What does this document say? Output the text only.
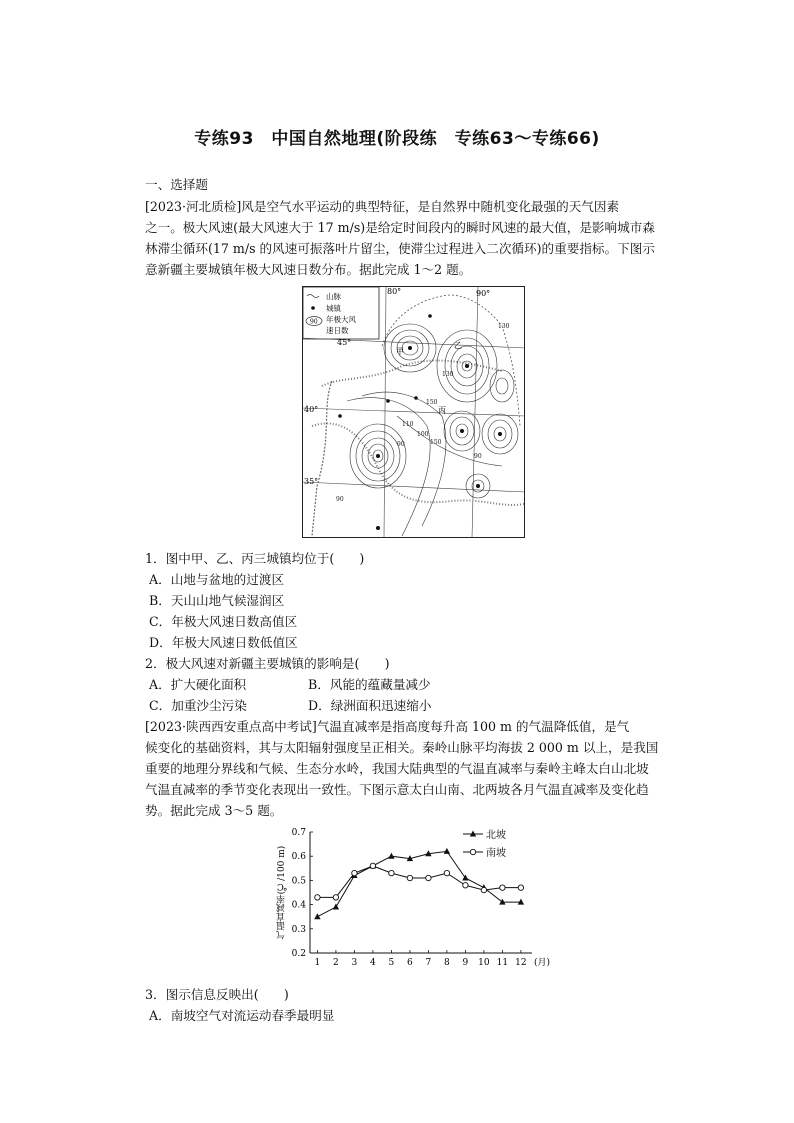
专练93　中国自然地理(阶段练　专练63～专练66)
一、选择题
[2023·河北质检]风是空气水平运动的典型特征，是自然界中随机变化最强的天气因素
之一。极大风速(最大风速大于 17 m/s)是给定时间段内的瞬时风速的最大值，是影响城市森
林滞尘循环(17 m/s 的风速可振落叶片留尘，使滞尘过程进入二次循环)的重要指标。下图示
意新疆主要城镇年极大风速日数分布。据此完成 1～2 题。
山脉
城镇
90 年极大风
速日数
80°	90°
45°
40°
35°
甲
乙
丙
110
130
150
100
90	150
90
130
90
1．图中甲、乙、丙三城镇均位于(　　)
A．山地与盆地的过渡区
B．天山山地气候湿润区
C．年极大风速日数高值区
D．年极大风速日数低值区
2．极大风速对新疆主要城镇的影响是(　　)
A．扩大硬化面积	B．风能的蕴藏量减少
C．加重沙尘污染	D．绿洲面积迅速缩小
[2023·陕西西安重点高中考试]气温直减率是指高度每升高 100 m 的气温降低值，是气
候变化的基础资料，其与太阳辐射强度呈正相关。秦岭山脉平均海拔 2 000 m 以上，是我国
重要的地理分界线和气候、生态分水岭，我国大陆典型的气温直减率与秦岭主峰太白山北坡
气温直减率的季节变化表现出一致性。下图示意太白山南、北两坡各月气温直减率及变化趋
势。据此完成 3～5 题。
0.2
0.3
0.4
0.5
0.6
0.7
1 2 3 4 5 6 7 8 9 10 11 12 (月)
气温直减率(℃/100 m)
北坡
南坡
3．图示信息反映出(　　)
A．南坡空气对流运动春季最明显
